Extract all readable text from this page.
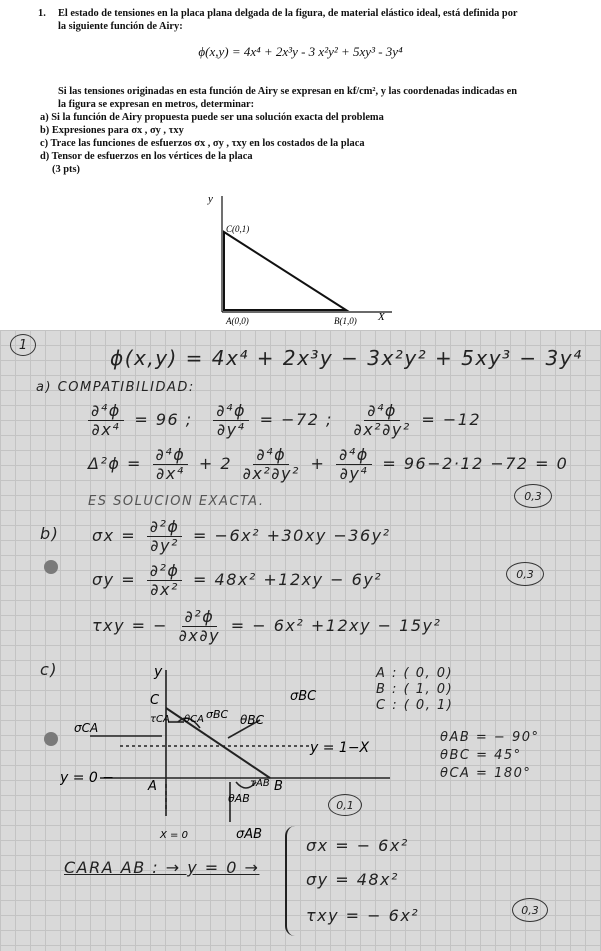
1. El estado de tensiones en la placa plana delgada de la figura, de material elástico ideal, está definida por
la siguiente función de Airy:
ϕ(x,y) = 4x⁴ + 2x³y - 3 x²y² + 5xy³ - 3y⁴
Si las tensiones originadas en esta función de Airy se expresan en kf/cm², y las coordenadas indicadas en
la figura se expresan en metros, determinar:
a) Si la función de Airy propuesta puede ser una solución exacta del problema
b) Expresiones para σx , σy , τxy
c) Trace las funciones de esfuerzos σx , σy , τxy en los costados de la placa
d) Tensor de esfuerzos en los vértices de la placa
(3 pts)
y
X
C(0,1)
A(0,0)	B(1,0)
1
ϕ(x,y) = 4x⁴ + 2x³y − 3x²y² + 5xy³ − 3y⁴
a) COMPATIBILIDAD:
$\frac{\text{∂⁴ϕ}}{\text{∂x⁴}} = 96$ ; $\frac{\text{∂⁴ϕ}}{\text{∂y⁴}} = -72$ ; $\frac{\text{∂⁴ϕ}}{\text{∂x²∂y²}} = -12$
$\Delta^2\phi = \frac{\text{∂⁴ϕ}}{\text{∂x⁴}} + 2 \frac{\text{∂⁴ϕ}}{\text{∂x²∂y²}} + \frac{\text{∂⁴ϕ}}{\text{∂y⁴}} = 96-2\cdot 12 -72 = 0$
ES SOLUCION EXACTA.	0,3
b) $\sigma x = \frac{\text{∂²ϕ}}{\text{∂y²}} = -6x^2 +30xy -36y^2$
$\sigma y = \frac{\text{∂²ϕ}}{\text{∂x²}} = 48x^2 +12xy - 6y^2$	0,3
τxy = − $\frac{\text{∂²ϕ}}{\partial x\partial y}$ = − 6x² +12xy − 15y²
c)	y
C
B
A
σCA
σBC
τCA θCA	θBC
θAB
τAB
σAB
σBC
y = 1−X
y = 0 −
X = 0
A : ( 0, 0)
B : ( 1, 0)
C : ( 0, 1)
θAB = − 90°
θBC = 45°
θCA = 180°
0,1
CARA AB : → y = 0 →
σx = − 6x²
σy = 48x²
τxy = − 6x²	0,3
